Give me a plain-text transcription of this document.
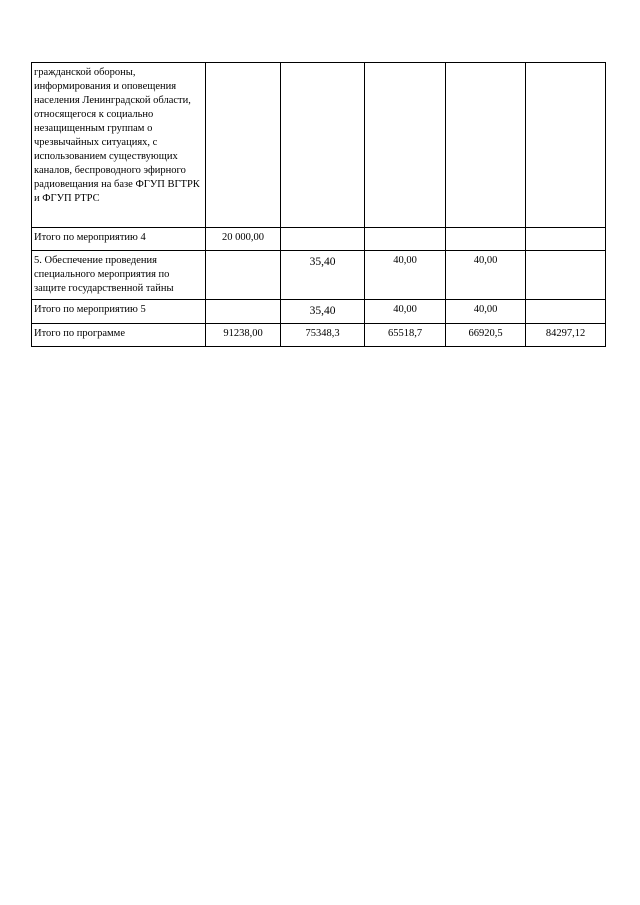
гражданской обороны, информирования и оповещения населения Ленинградской области, относящегося к социально незащищенным группам о чрезвычайных ситуациях, с использованием существующих каналов, беспроводного эфирного радиовещания на базе ФГУП ВГТРК и ФГУП РТРС					
Итого по мероприятию 4	20 000,00				
5. Обеспечение проведения специального мероприятия по защите государственной тайны		35,40	40,00	40,00	
Итого по мероприятию 5		35,40	40,00	40,00	
Итого по программе	91238,00	75348,3	65518,7	66920,5	84297,12
